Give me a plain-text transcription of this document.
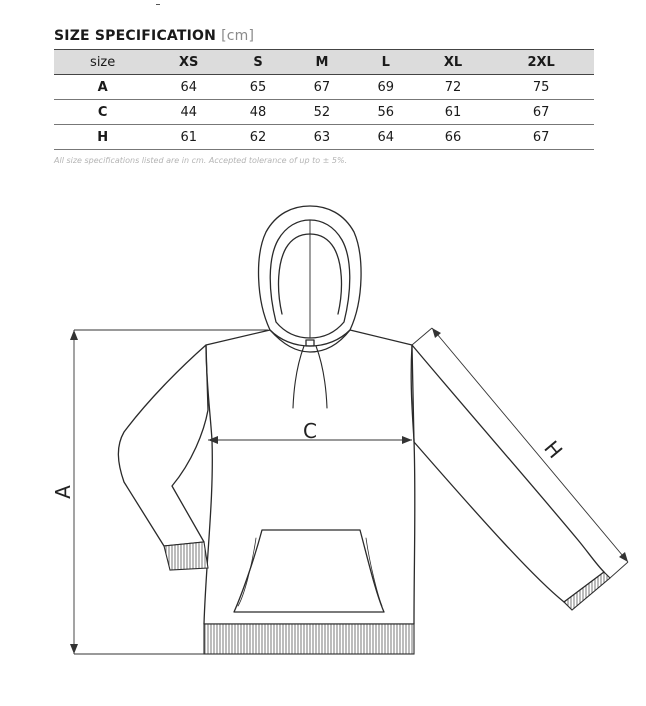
SIZE SPECIFICATION [cm]
size	XS	S	M	L	XL	2XL
A	64	65	67	69	72	75
C	44	48	52	56	61	67
H	61	62	63	64	66	67

All size specifications listed are in cm. Accepted tolerance of up to ± 5%.

A
C
H
